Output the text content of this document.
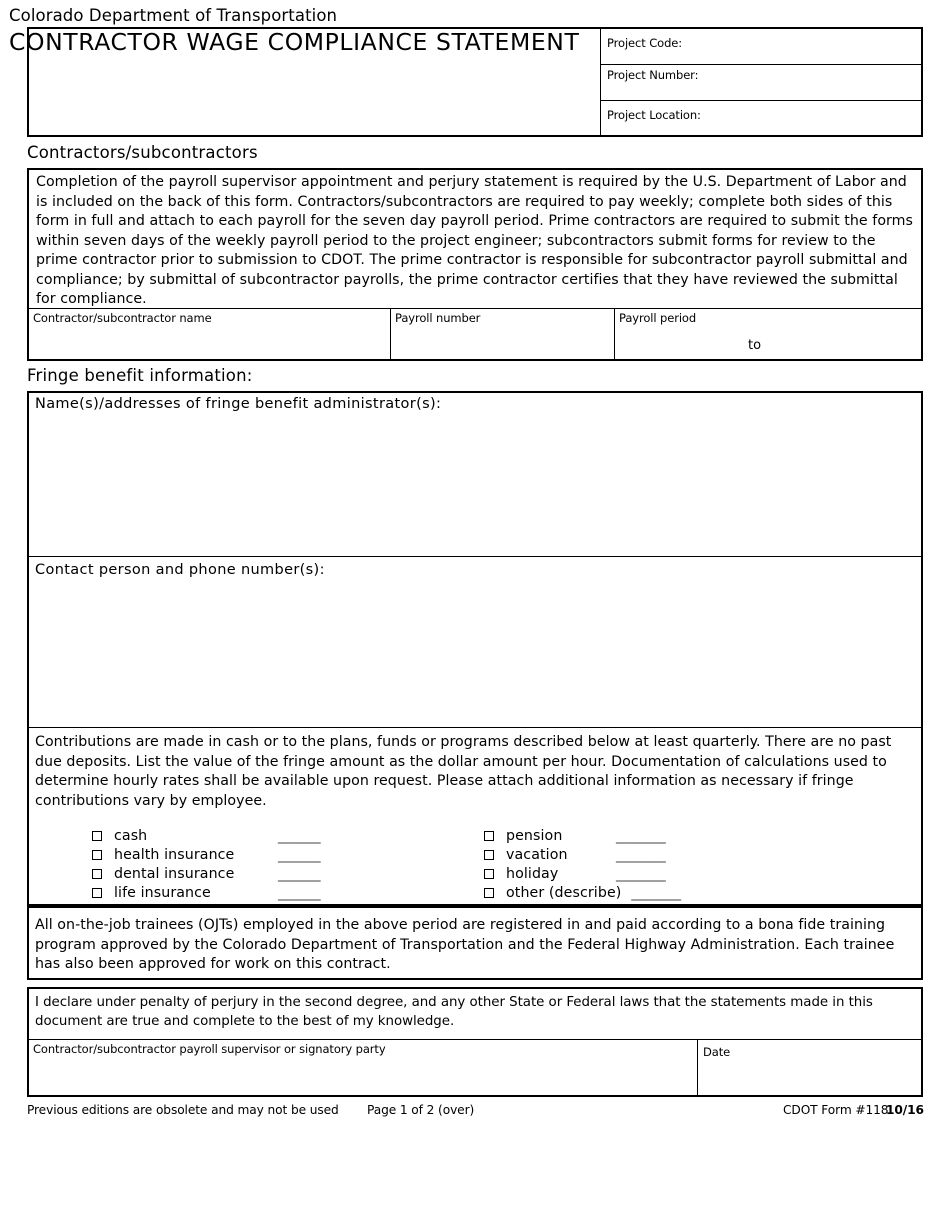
Colorado Department of Transportation
CONTRACTOR WAGE COMPLIANCE STATEMENT Project Code:
Project Number:
Project Location:
Contractors/subcontractors
Completion of the payroll supervisor appointment and perjury statement is required by the U.S. Department of Labor and is included on the back of this form. Contractors/subcontractors are required to pay weekly; complete both sides of this form in full and attach to each payroll for the seven day payroll period. Prime contractors are required to submit the forms within seven days of the weekly payroll period to the project engineer; subcontractors submit forms for review to the prime contractor prior to submission to CDOT. The prime contractor is responsible for subcontractor payroll submittal and compliance; by submittal of subcontractor payrolls, the prime contractor certifies that they have reviewed the submittal for compliance.
Contractor/subcontractor name	Payroll number	Payroll period
to
Fringe benefit information:
Name(s)/addresses of fringe benefit administrator(s):
Contact person and phone number(s):
Contributions are made in cash or to the plans, funds or programs described below at least quarterly. There are no past due deposits. List the value of the fringe amount as the dollar amount per hour. Documentation of calculations used to determine hourly rates shall be available upon request. Please attach additional information as necessary if fringe contributions vary by employee.
cash	______
health insurance	______
dental insurance	______
life insurance	______
pension	_______
vacation	_______
holiday	_______
other (describe) _______
All on-the-job trainees (OJTs) employed in the above period are registered in and paid according to a bona fide training program approved by the Colorado Department of Transportation and the Federal Highway Administration. Each trainee has also been approved for work on this contract.
I declare under penalty of perjury in the second degree, and any other State or Federal laws that the statements made in this document are true and complete to the best of my knowledge.
Contractor/subcontractor payroll supervisor or signatory party	Date
Previous editions are obsolete and may not be used Page 1 of 2 (over)	CDOT Form #118
10/16
